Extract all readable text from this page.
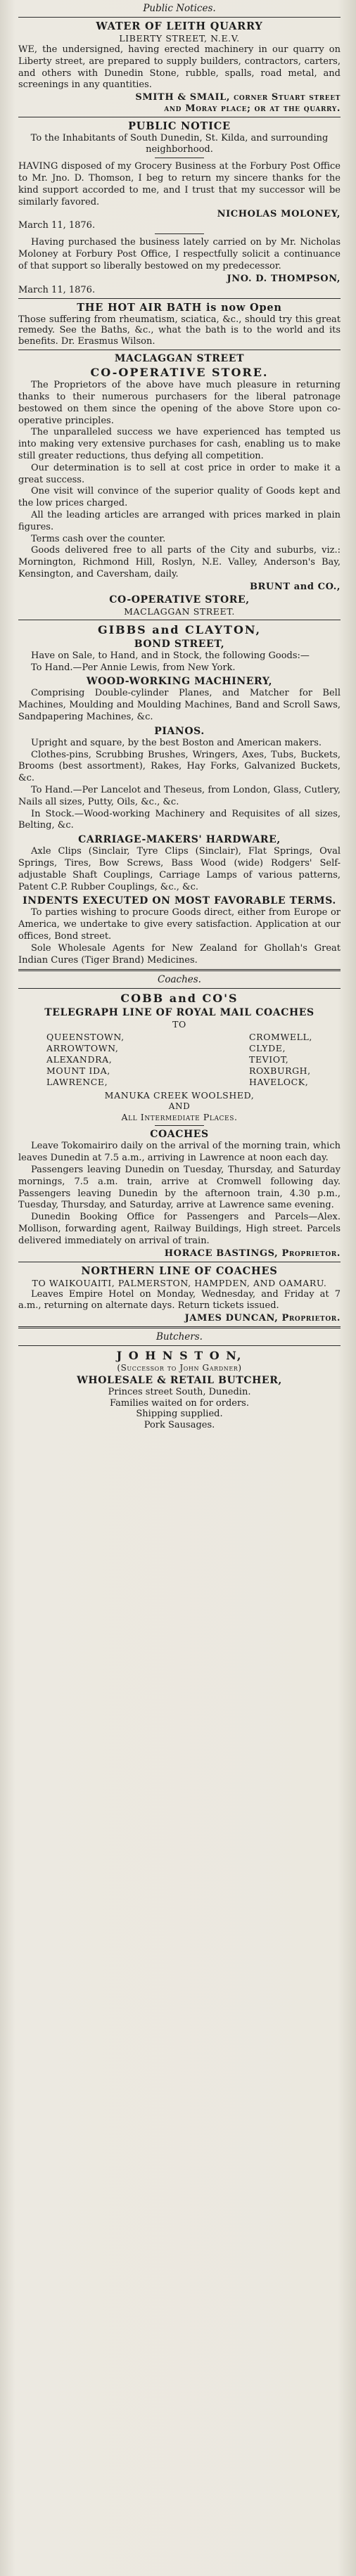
Public Notices.
WATER OF LEITH QUARRY
LIBERTY STREET, N.E.V.

WE, the undersigned, having erected machinery in our quarry on Liberty street, are prepared to supply builders, contractors, carters, and others with Dunedin Stone, rubble, spalls, road metal, and screenings in any quantities.

SMITH & SMAIL, corner Stuart street
and Moray place; or at the quarry.
PUBLIC NOTICE

To the Inhabitants of South Dunedin, St. Kilda, and surrounding neighborhood.

HAVING disposed of my Grocery Business at the Forbury Post Office to Mr. Jno. D. Thomson, I beg to return my sincere thanks for the kind support accorded to me, and I trust that my successor will be similarly favored.

NICHOLAS MOLONEY,
March 11, 1876.

Having purchased the business lately carried on by Mr. Nicholas Moloney at Forbury Post Office, I respectfully solicit a continuance of that support so liberally bestowed on my predecessor.

JNO. D. THOMPSON,
March 11, 1876.
THE HOT AIR BATH is now Open

Those suffering from rheumatism, sciatica, &c., should try this great remedy. See the Baths, &c., what the bath is to the world and its benefits. Dr. Erasmus Wilson.

MACLAGGAN STREET
CO-OPERATIVE STORE.

The Proprietors of the above have much pleasure in returning thanks to their numerous purchasers for the liberal patronage bestowed on them since the opening of the above Store upon co-operative principles.

The unparalleled success we have experienced has tempted us into making very extensive purchases for cash, enabling us to make still greater reductions, thus defying all competition.

Our determination is to sell at cost price in order to make it a great success.

One visit will convince of the superior quality of Goods kept and the low prices charged.

All the leading articles are arranged with prices marked in plain figures.

Terms cash over the counter.

Goods delivered free to all parts of the City and suburbs, viz.: Mornington, Richmond Hill, Roslyn, N.E. Valley, Anderson's Bay, Kensington, and Caversham, daily.

BRUNT and CO.,
CO-OPERATIVE STORE,
MACLAGGAN STREET.
GIBBS and CLAYTON,
BOND STREET,

Have on Sale, to Hand, and in Stock, the following Goods:—

To Hand.—Per Annie Lewis, from New York.

WOOD-WORKING MACHINERY,

Comprising Double-cylinder Planes, and Matcher for Bell Machines, Moulding and Moulding Machines, Band and Scroll Saws, Sandpapering Machines, &c.

PIANOS.

Upright and square, by the best Boston and American makers.

Clothes-pins, Scrubbing Brushes, Wringers, Axes, Tubs, Buckets, Brooms (best assortment), Rakes, Hay Forks, Galvanized Buckets, &c.

To Hand.—Per Lancelot and Theseus, from London, Glass, Cutlery, Nails all sizes, Putty, Oils, &c., &c.

In Stock.—Wood-working Machinery and Requisites of all sizes, Belting, &c.

CARRIAGE-MAKERS' HARDWARE,

Axle Clips (Sinclair, Tyre Clips (Sinclair), Flat Springs, Oval Springs, Tires, Bow Screws, Bass Wood (wide) Rodgers' Self-adjustable Shaft Couplings, Carriage Lamps of various patterns, Patent C.P. Rubber Couplings, &c., &c.

INDENTS EXECUTED ON MOST FAVORABLE TERMS.

To parties wishing to procure Goods direct, either from Europe or America, we undertake to give every satisfaction. Application at our offices, Bond street.

Sole Wholesale Agents for New Zealand for Ghollah's Great Indian Cures (Tiger Brand) Medicines.

Coaches.
COBB and CO'S
TELEGRAPH LINE OF ROYAL MAIL COACHES
TO
QUEENSTOWN,
ARROWTOWN,
ALEXANDRA,
MOUNT IDA,
LAWRENCE,
CROMWELL,
CLYDE,
TEVIOT,
ROXBURGH,
HAVELOCK,
MANUKA CREEK WOOLSHED,
AND
All Intermediate Places.
COACHES

Leave Tokomairiro daily on the arrival of the morning train, which leaves Dunedin at 7.5 a.m., arriving in Lawrence at noon each day.

Passengers leaving Dunedin on Tuesday, Thursday, and Saturday mornings, 7.5 a.m. train, arrive at Cromwell following day. Passengers leaving Dunedin by the afternoon train, 4.30 p.m., Tuesday, Thursday, and Saturday, arrive at Lawrence same evening.

Dunedin Booking Office for Passengers and Parcels—Alex. Mollison, forwarding agent, Railway Buildings, High street. Parcels delivered immediately on arrival of train.

HORACE BASTINGS, Proprietor.
NORTHERN LINE OF COACHES
TO WAIKOUAITI, PALMERSTON, HAMPDEN, AND OAMARU.

Leaves Empire Hotel on Monday, Wednesday, and Friday at 7 a.m., returning on alternate days. Return tickets issued.

JAMES DUNCAN, Proprietor.
Butchers.
J O H N S T O N,
(Successor to John Gardner)
WHOLESALE & RETAIL BUTCHER,

Princes street South, Dunedin.

Families waited on for orders.

Shipping supplied.

Pork Sausages.
